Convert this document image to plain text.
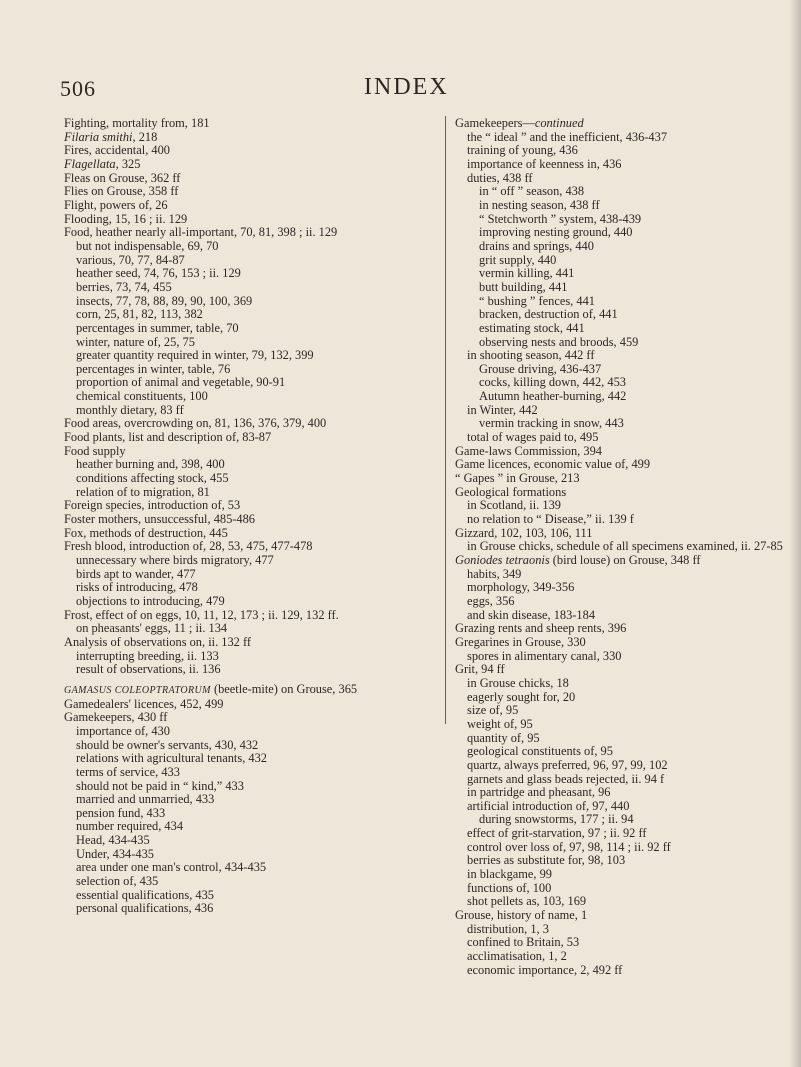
506	INDEX
Fighting, mortality from, 181
Filaria smithi, 218
Fires, accidental, 400
Flagellata, 325
Fleas on Grouse, 362 ff
Flies on Grouse, 358 ff
Flight, powers of, 26
Flooding, 15, 16 ; ii. 129
Food, heather nearly all-important, 70, 81, 398 ; ii. 129
but not indispensable, 69, 70
various, 70, 77, 84-87
heather seed, 74, 76, 153 ; ii. 129
berries, 73, 74, 455
insects, 77, 78, 88, 89, 90, 100, 369
corn, 25, 81, 82, 113, 382
percentages in summer, table, 70
winter, nature of, 25, 75
greater quantity required in winter, 79, 132, 399
percentages in winter, table, 76
proportion of animal and vegetable, 90-91
chemical constituents, 100
monthly dietary, 83 ff
Food areas, overcrowding on, 81, 136, 376, 379, 400
Food plants, list and description of, 83-87
Food supply
heather burning and, 398, 400
conditions affecting stock, 455
relation of to migration, 81
Foreign species, introduction of, 53
Foster mothers, unsuccessful, 485-486
Fox, methods of destruction, 445
Fresh blood, introduction of, 28, 53, 475, 477-478
unnecessary where birds migratory, 477
birds apt to wander, 477
risks of introducing, 478
objections to introducing, 479
Frost, effect of on eggs, 10, 11, 12, 173 ; ii. 129, 132 ff.
on pheasants' eggs, 11 ; ii. 134
Analysis of observations on, ii. 132 ff
interrupting breeding, ii. 133
result of observations, ii. 136
GAMASUS COLEOPTRATORUM (beetle-mite) on Grouse, 365
Gamedealers' licences, 452, 499
Gamekeepers, 430 ff
importance of, 430
should be owner's servants, 430, 432
relations with agricultural tenants, 432
terms of service, 433
should not be paid in “ kind,” 433
married and unmarried, 433
pension fund, 433
number required, 434
Head, 434-435
Under, 434-435
area under one man's control, 434-435
selection of, 435
essential qualifications, 435
personal qualifications, 436
Gamekeepers—continued
the “ ideal ” and the inefficient, 436-437
training of young, 436
importance of keenness in, 436
duties, 438 ff
in “ off ” season, 438
in nesting season, 438 ff
“ Stetchworth ” system, 438-439
improving nesting ground, 440
drains and springs, 440
grit supply, 440
vermin killing, 441
butt building, 441
“ bushing ” fences, 441
bracken, destruction of, 441
estimating stock, 441
observing nests and broods, 459
in shooting season, 442 ff
Grouse driving, 436-437
cocks, killing down, 442, 453
Autumn heather-burning, 442
in Winter, 442
vermin tracking in snow, 443
total of wages paid to, 495
Game-laws Commission, 394
Game licences, economic value of, 499
“ Gapes ” in Grouse, 213
Geological formations
in Scotland, ii. 139
no relation to “ Disease,” ii. 139 f
Gizzard, 102, 103, 106, 111
in Grouse chicks, schedule of all specimens examined, ii. 27-85
Goniodes tetraonis (bird louse) on Grouse, 348 ff
habits, 349
morphology, 349-356
eggs, 356
and skin disease, 183-184
Grazing rents and sheep rents, 396
Gregarines in Grouse, 330
spores in alimentary canal, 330
Grit, 94 ff
in Grouse chicks, 18
eagerly sought for, 20
size of, 95
weight of, 95
quantity of, 95
geological constituents of, 95
quartz, always preferred, 96, 97, 99, 102
garnets and glass beads rejected, ii. 94 f
in partridge and pheasant, 96
artificial introduction of, 97, 440
during snowstorms, 177 ; ii. 94
effect of grit-starvation, 97 ; ii. 92 ff
control over loss of, 97, 98, 114 ; ii. 92 ff
berries as substitute for, 98, 103
in blackgame, 99
functions of, 100
shot pellets as, 103, 169
Grouse, history of name, 1
distribution, 1, 3
confined to Britain, 53
acclimatisation, 1, 2
economic importance, 2, 492 ff
